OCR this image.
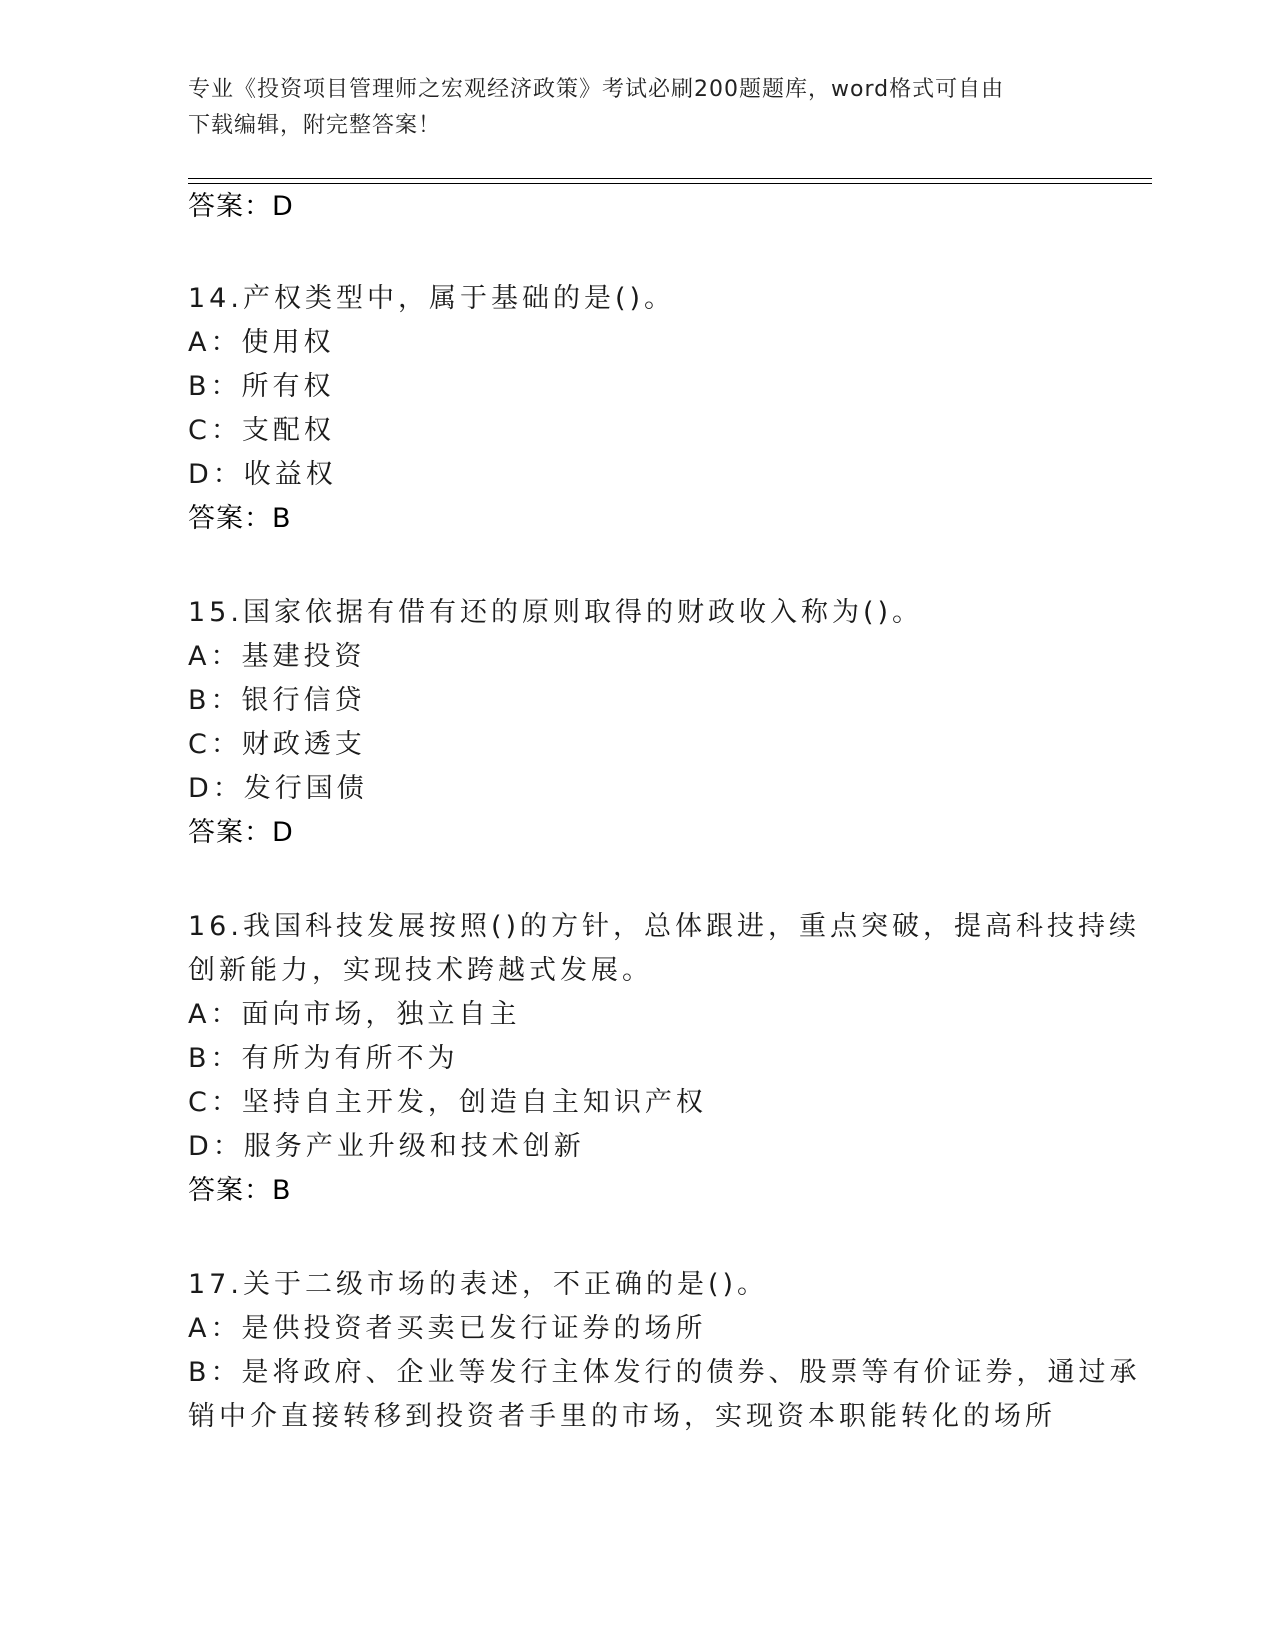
专业《投资项目管理师之宏观经济政策》考试必刷200题题库，word格式可自由
下载编辑，附完整答案！
答案：D
14.产权类型中，属于基础的是()。
A：使用权
B：所有权
C：支配权
D：收益权
答案：B
15.国家依据有借有还的原则取得的财政收入称为()。
A：基建投资
B：银行信贷
C：财政透支
D：发行国债
答案：D
16.我国科技发展按照()的方针，总体跟进，重点突破，提高科技持续
创新能力，实现技术跨越式发展。
A：面向市场，独立自主
B：有所为有所不为
C：坚持自主开发，创造自主知识产权
D：服务产业升级和技术创新
答案：B
17.关于二级市场的表述，不正确的是()。
A：是供投资者买卖已发行证券的场所
B：是将政府、企业等发行主体发行的债券、股票等有价证券，通过承
销中介直接转移到投资者手里的市场，实现资本职能转化的场所
